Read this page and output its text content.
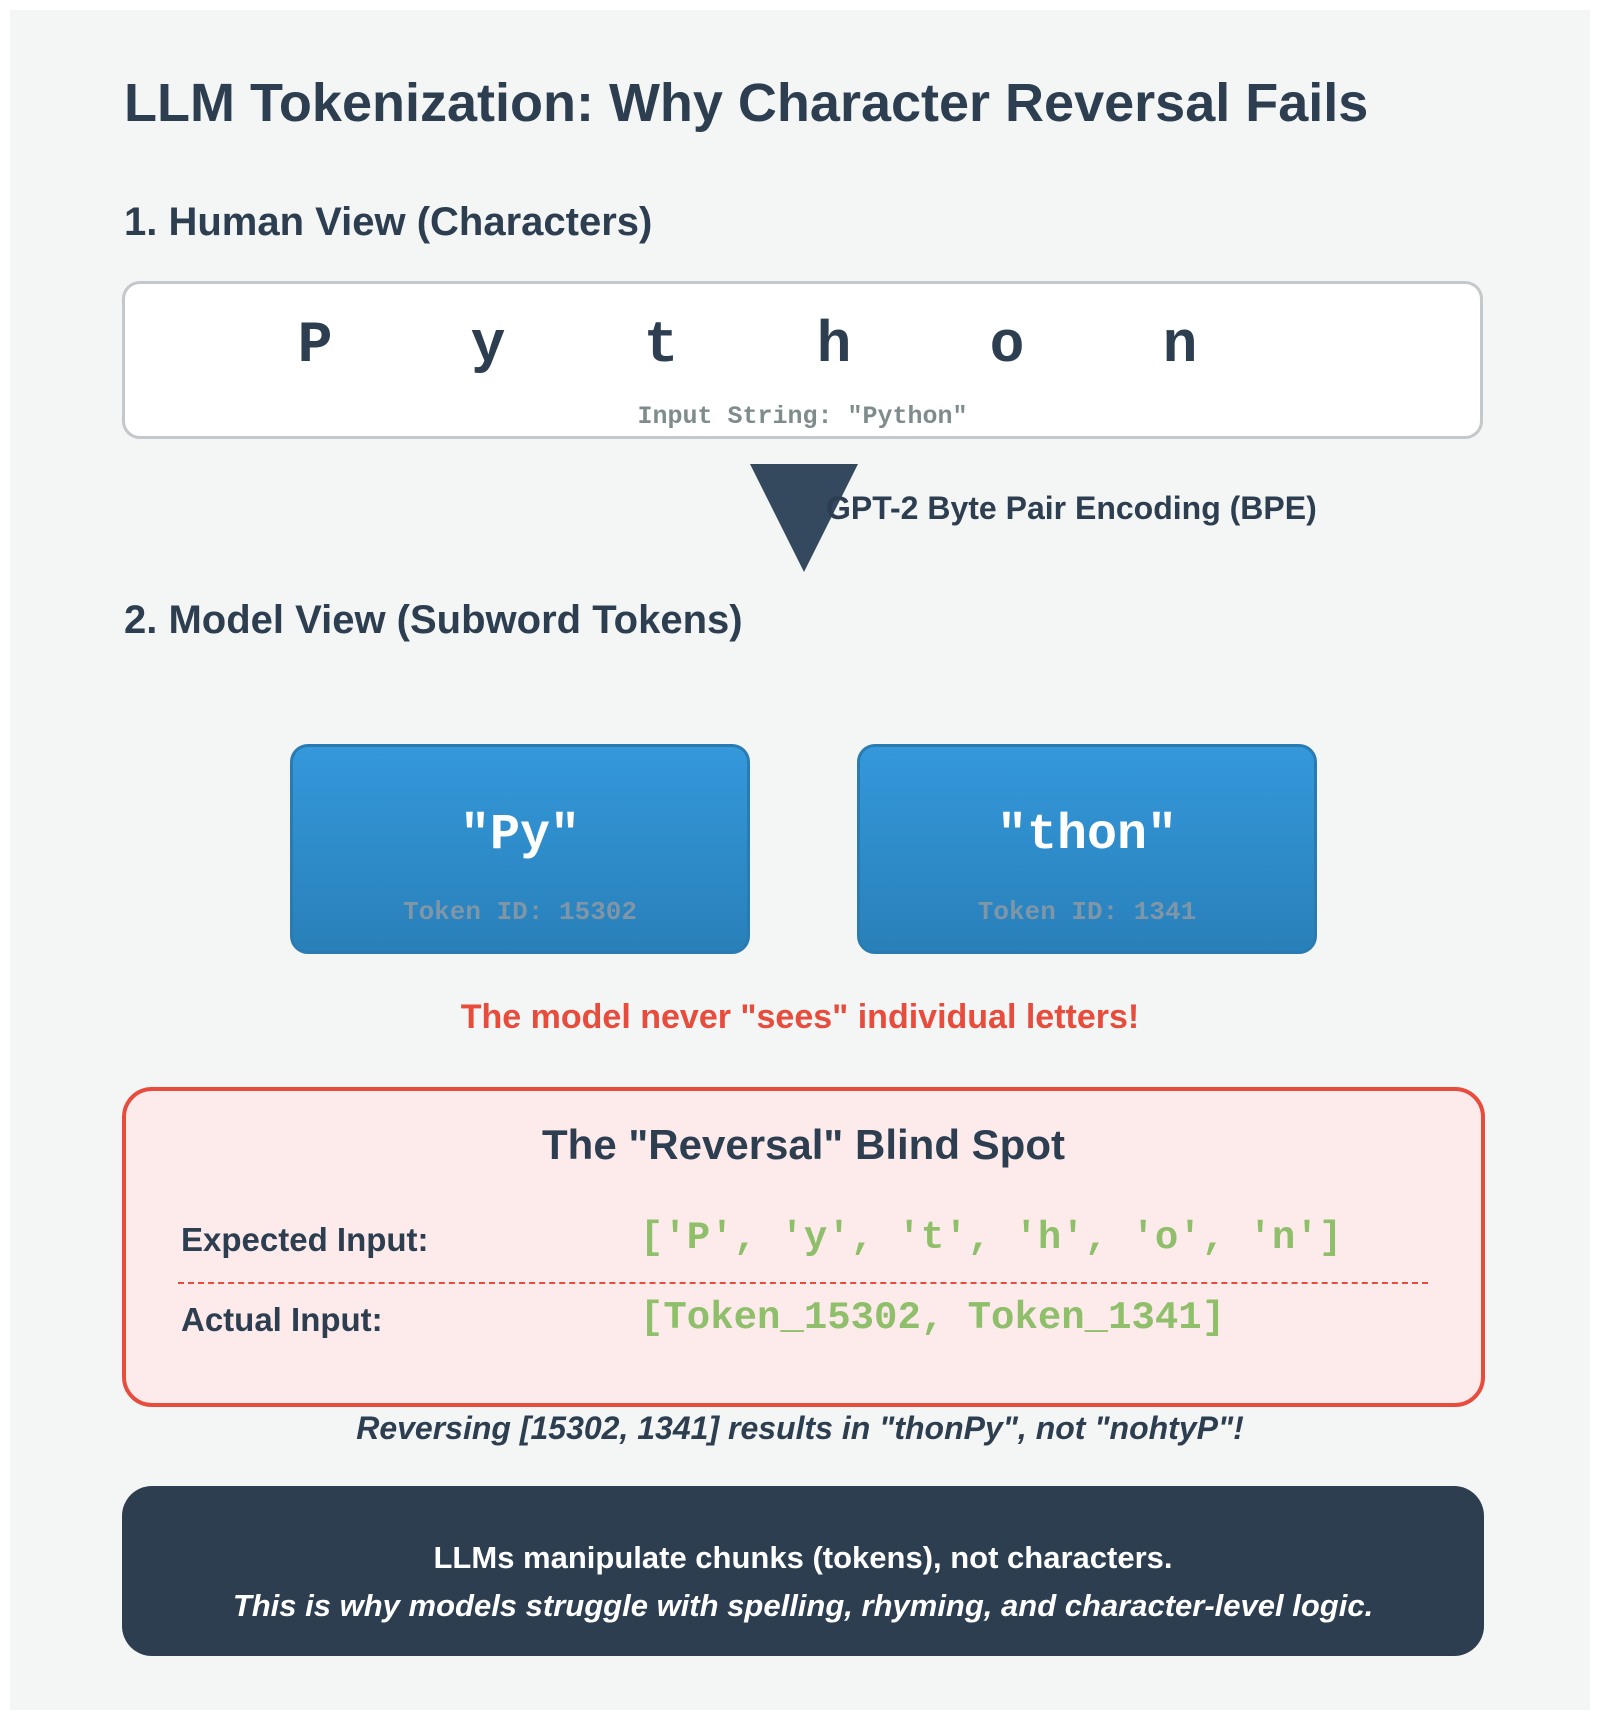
LLM Tokenization: Why Character Reversal Fails
1. Human View (Characters)
P	y	t	h	o	n
Input String: "Python"
GPT-2 Byte Pair Encoding (BPE)
2. Model View (Subword Tokens)
"Py"
Token ID: 15302
"thon"
Token ID: 1341
The model never "sees" individual letters!
The "Reversal" Blind Spot
Expected Input:	['P', 'y', 't', 'h', 'o', 'n']
Actual Input:	[Token_15302, Token_1341]
Reversing [15302, 1341] results in "thonPy", not "nohtyP"!
LLMs manipulate chunks (tokens), not characters.
This is why models struggle with spelling, rhyming, and character-level logic.
